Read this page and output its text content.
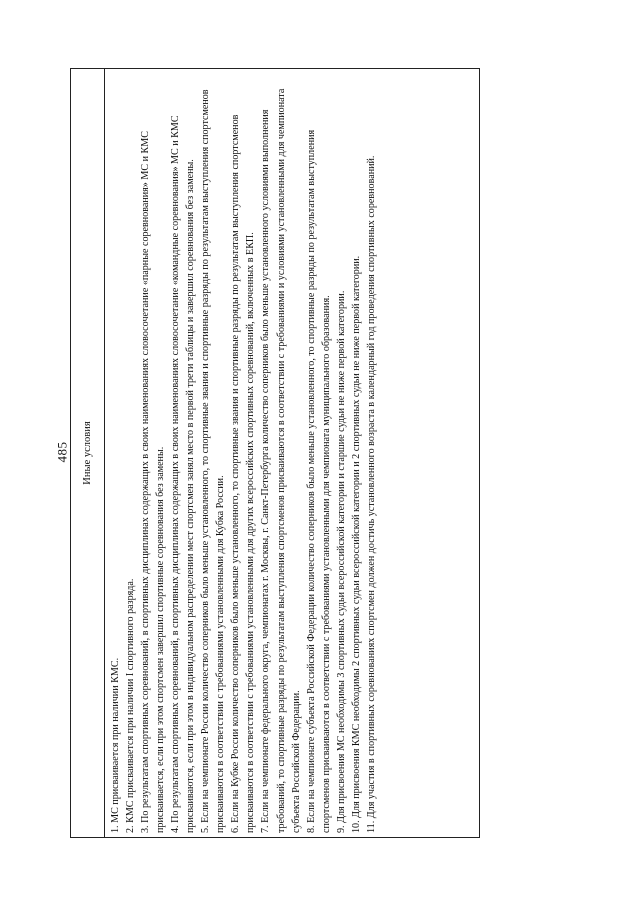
485 Иные условия

1. МС присваивается при наличии КМС. 2. КМС присваивается при наличии I спортивного разряда. 3. По результатам спортивных соревнований, в спортивных дисциплинах содержащих в своих наименованиях словосочетание «парные соревнования» МС и КМС присваивается, если при этом спортсмен завершил спортивные соревнования без замены. 4. По результатам спортивных соревнований, в спортивных дисциплинах содержащих в своих наименованиях словосочетание «командные соревнования» МС и КМС присваиваются, если при этом в индивидуальном распределении мест спортсмен занял место в первой трети таблицы и завершил соревнования без замены. 5. Если на чемпионате России количество соперников было меньше установленного, то спортивные звания и спортивные разряды по результатам выступления спортсменов присваиваются в соответствии с требованиями установленными для Кубка России. 6. Если на Кубке России количество соперников было меньше установленного, то спортивные звания и спортивные разряды по результатам выступления спортсменов присваиваются в соответствии с требованиями установленными для других всероссийских спортивных соревнований, включенных в ЕКП. 7. Если на чемпионате федерального округа, чемпионатах г. Москвы, г. Санкт-Петербурга количество соперников было меньше установленного условиями выполнения требований, то спортивные разряды по результатам выступления спортсменов присваиваются в соответствии с требованиями и условиями установленными для чемпионата субъекта Российской Федерации. 8. Если на чемпионате субъекта Российской Федерации количество соперников было меньше установленного, то спортивные разряды по результатам выступления спортсменов присваиваются в соответствии с требованиями установленными для чемпионата муниципального образования. 9. Для присвоения МС необходимы 3 спортивных судьи всероссийской категории и старшие судьи не ниже первой категории. 10. Для присвоения КМС необходимы 2 спортивных судьи всероссийской категории и 2 спортивных судьи не ниже первой категории. 11. Для участия в спортивных соревнованиях спортсмен должен достичь установленного возраста в календарный год проведения спортивных соревнований.
